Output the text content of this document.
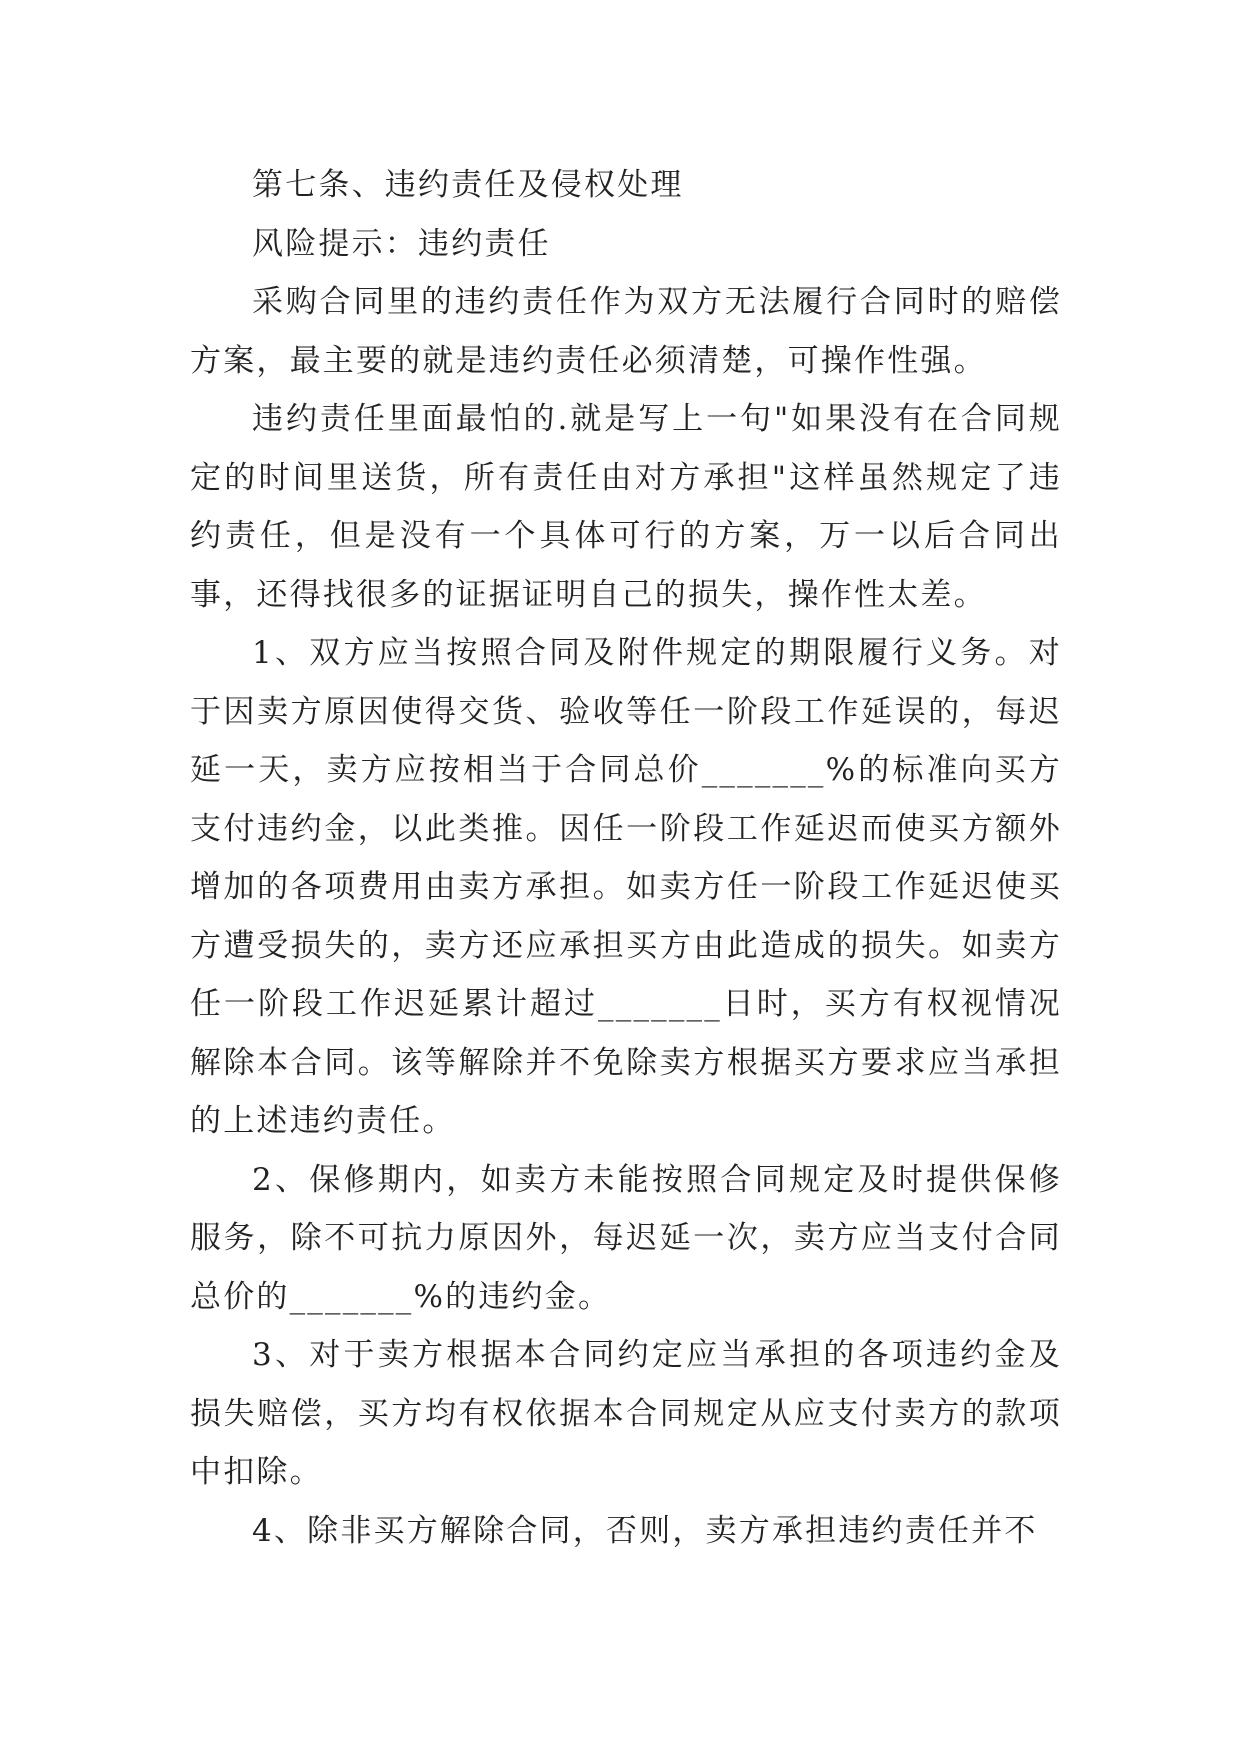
第七条、违约责任及侵权处理

风险提示：违约责任

采购合同里的违约责任作为双方无法履行合同时的赔偿方案，最主要的就是违约责任必须清楚，可操作性强。

违约责任里面最怕的.就是写上一句"如果没有在合同规定的时间里送货，所有责任由对方承担"这样虽然规定了违约责任，但是没有一个具体可行的方案，万一以后合同出事，还得找很多的证据证明自己的损失，操作性太差。

1、双方应当按照合同及附件规定的期限履行义务。对于因卖方原因使得交货、验收等任一阶段工作延误的，每迟延一天，卖方应按相当于合同总价_______%的标准向买方支付违约金，以此类推。因任一阶段工作延迟而使买方额外增加的各项费用由卖方承担。如卖方任一阶段工作延迟使买方遭受损失的，卖方还应承担买方由此造成的损失。如卖方任一阶段工作迟延累计超过_______日时，买方有权视情况解除本合同。该等解除并不免除卖方根据买方要求应当承担的上述违约责任。

2、保修期内，如卖方未能按照合同规定及时提供保修服务，除不可抗力原因外，每迟延一次，卖方应当支付合同总价的_______%的违约金。

3、对于卖方根据本合同约定应当承担的各项违约金及损失赔偿，买方均有权依据本合同规定从应支付卖方的款项中扣除。

4、除非买方解除合同，否则，卖方承担违约责任并不
